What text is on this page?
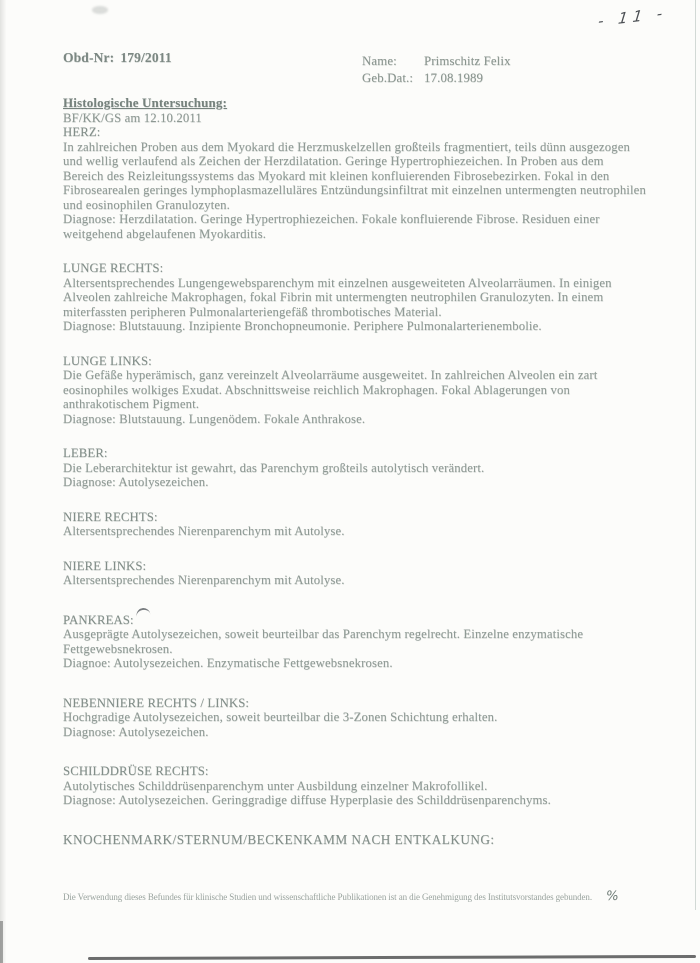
- 11 -
Obd-Nr: 179/2011	Name: Primschitz Felix
Geb.Dat.: 17.08.1989
Histologische Untersuchung:
BF/KK/GS am 12.10.2011
HERZ:

In zahlreichen Proben aus dem Myokard die Herzmuskelzellen großteils fragmentiert, teils dünn ausgezogen und wellig verlaufend als Zeichen der Herzdilatation. Geringe Hypertrophiezeichen. In Proben aus dem Bereich des Reizleitungssystems das Myokard mit kleinen konfluierenden Fibrosebezirken. Fokal in den Fibrosearealen geringes lymphoplasmazelluläres Entzündungsinfiltrat mit einzelnen untermengten neutrophilen und eosinophilen Granulozyten.

Diagnose: Herzdilatation. Geringe Hypertrophiezeichen. Fokale konfluierende Fibrose. Residuen einer weitgehend abgelaufenen Myokarditis.

LUNGE RECHTS:

Altersentsprechendes Lungengewebsparenchym mit einzelnen ausgeweiteten Alveolarräumen. In einigen Alveolen zahlreiche Makrophagen, fokal Fibrin mit untermengten neutrophilen Granulozyten. In einem miterfassten peripheren Pulmonalarteriengefäß thrombotisches Material.

Diagnose: Blutstauung. Inzipiente Bronchopneumonie. Periphere Pulmonalarterienembolie.

LUNGE LINKS:

Die Gefäße hyperämisch, ganz vereinzelt Alveolarräume ausgeweitet. In zahlreichen Alveolen ein zart eosinophiles wolkiges Exudat. Abschnittsweise reichlich Makrophagen. Fokal Ablagerungen von anthrakotischem Pigment.

Diagnose: Blutstauung. Lungenödem. Fokale Anthrakose.

LEBER:

Die Leberarchitektur ist gewahrt, das Parenchym großteils autolytisch verändert.

Diagnose: Autolysezeichen.

NIERE RECHTS:

Altersentsprechendes Nierenparenchym mit Autolyse.

NIERE LINKS:

Altersentsprechendes Nierenparenchym mit Autolyse.

PANKREAS:

Ausgeprägte Autolysezeichen, soweit beurteilbar das Parenchym regelrecht. Einzelne enzymatische Fettgewebsnekrosen.

Diagnoe: Autolysezeichen. Enzymatische Fettgewebsnekrosen.

NEBENNIERE RECHTS / LINKS:

Hochgradige Autolysezeichen, soweit beurteilbar die 3-Zonen Schichtung erhalten.

Diagnose: Autolysezeichen.

SCHILDDRÜSE RECHTS:

Autolytisches Schilddrüsenparenchym unter Ausbildung einzelner Makrofollikel.

Diagnose: Autolysezeichen. Geringgradige diffuse Hyperplasie des Schilddrüsenparenchyms.

KNOCHENMARK/STERNUM/BECKENKAMM NACH ENTKALKUNG:
Die Verwendung dieses Befundes für klinische Studien und wissenschaftliche Publikationen ist an die Genehmigung des Institutsvorstandes gebunden. %
